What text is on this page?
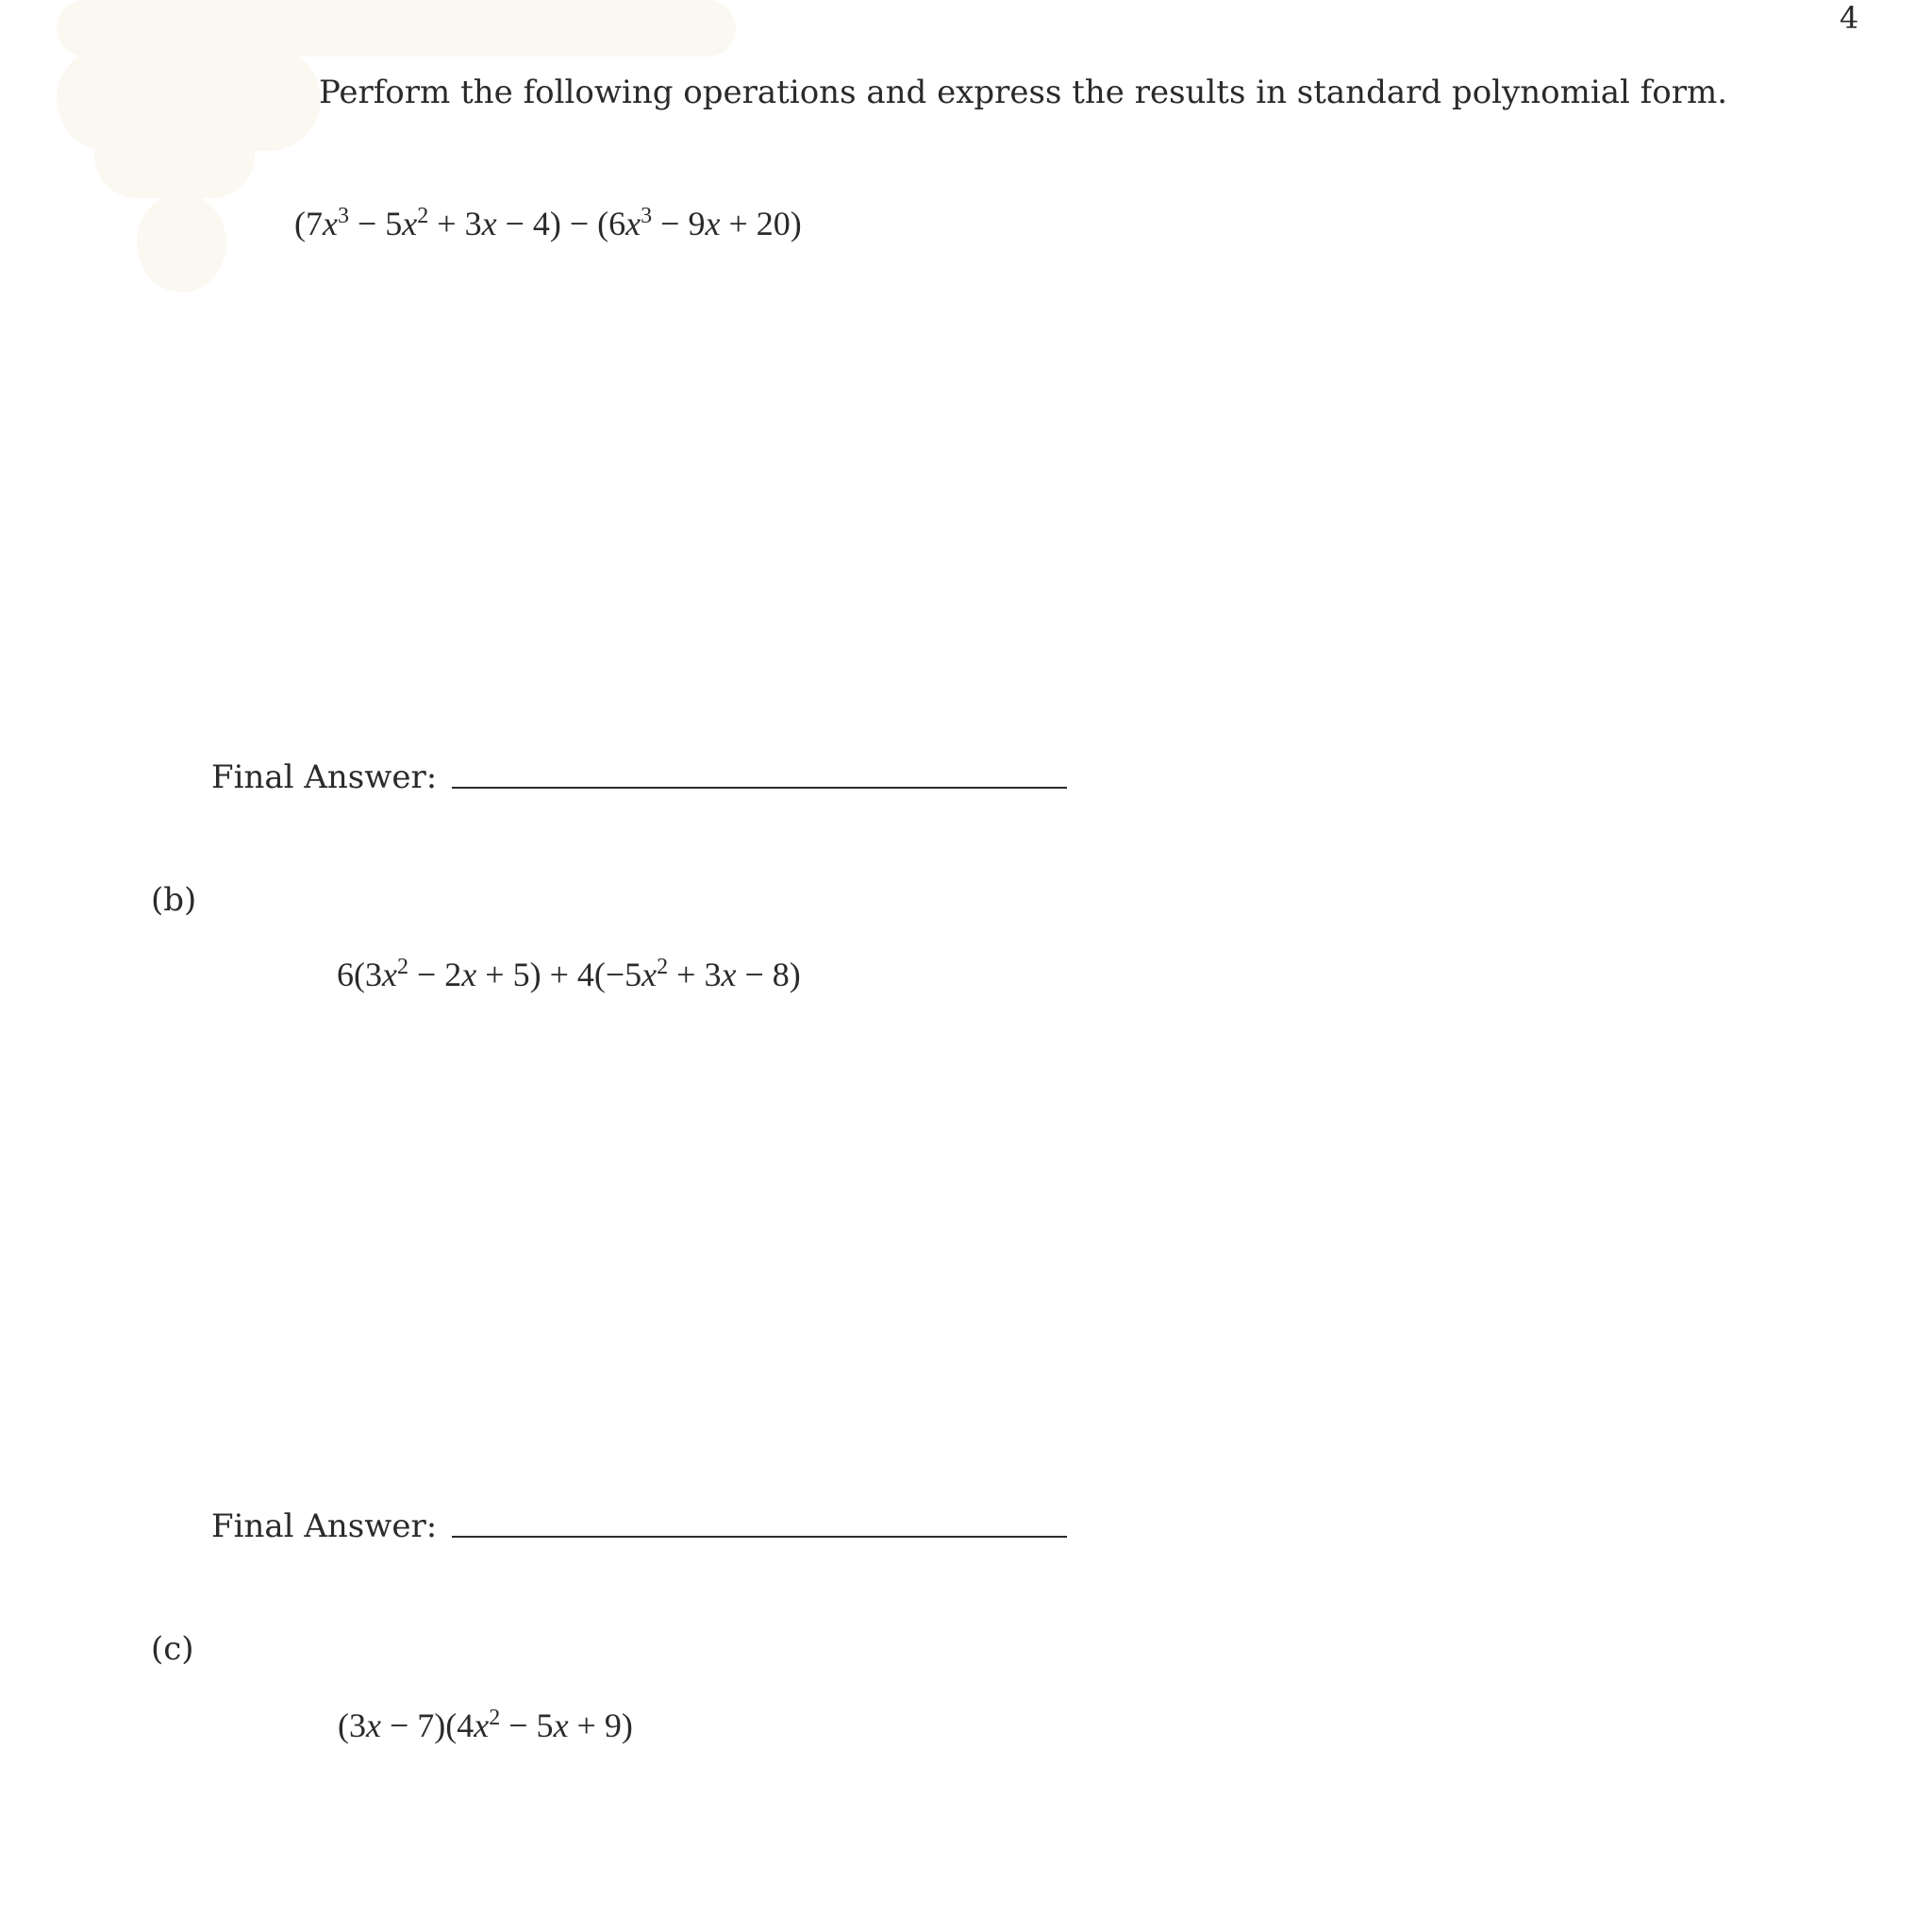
4
Perform the following operations and express the results in standard polynomial form.
$(7x^3 - 5x^2 + 3x - 4) - (6x^3 - 9x + 20)$
Final Answer:
(b)
$6(3x^2 - 2x + 5) + 4(-5x^2 + 3x - 8)$
Final Answer:
(c)
$(3x - 7)(4x^2 - 5x + 9)$
